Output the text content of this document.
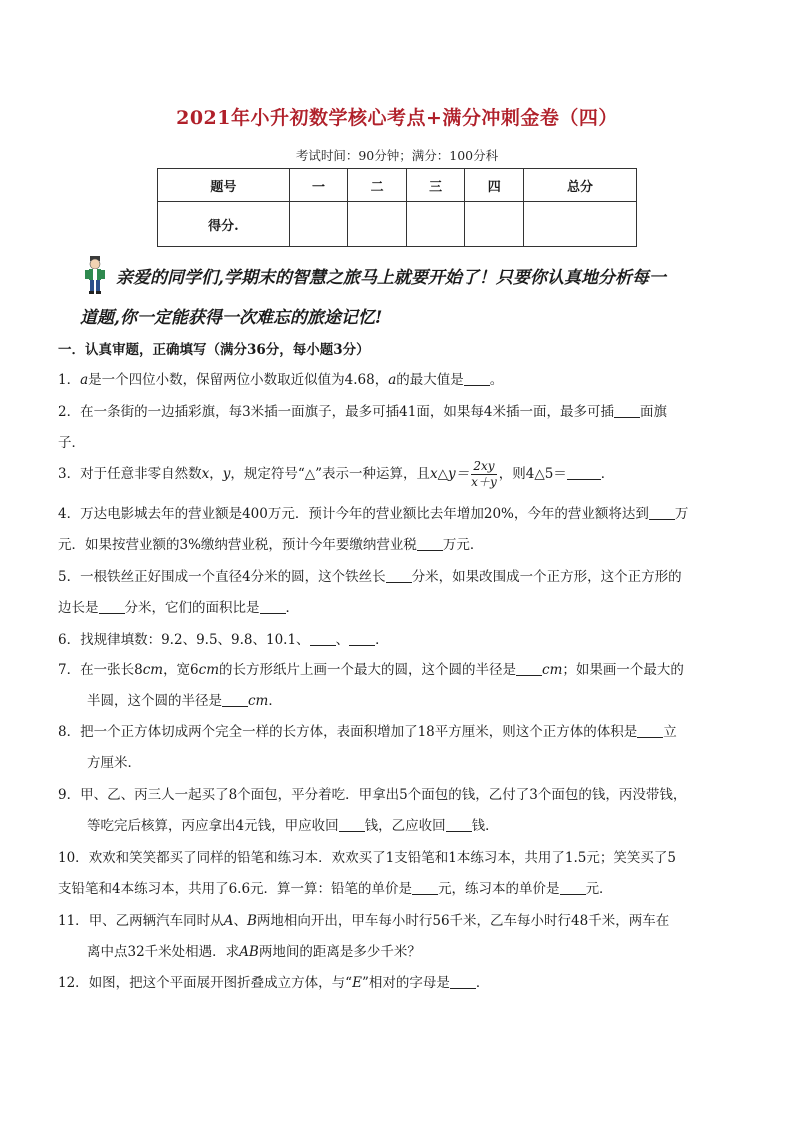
2021年小升初数学核心考点+满分冲刺金卷（四）
考试时间：90分钟；满分：100分科
题号	一	二	三	四	总分
得分.					
亲爱的同学们,学期末的智慧之旅马上就要开始了！只要你认真地分析每一
道题,你一定能获得一次难忘的旅途记忆!
一．认真审题，正确填写（满分36分，每小题3分）
1．a是一个四位小数，保留两位小数取近似值为4.68，a的最大值是 。
2．在一条街的一边插彩旗，每3米插一面旗子，最多可插41面，如果每4米插一面，最多可插 面旗
子．
3．对于任意非零自然数x，y，规定符号“△”表示一种运算，且x△y＝ $\frac{2xy}{x+y}$ ，则4△5＝	．
4．万达电影城去年的营业额是400万元．预计今年的营业额比去年增加20%，今年的营业额将达到 万
元．如果按营业额的3%缴纳营业税，预计今年要缴纳营业税 万元．
5．一根铁丝正好围成一个直径4分米的圆，这个铁丝长 分米，如果改围成一个正方形，这个正方形的
边长是 分米，它们的面积比是 ．
6．找规律填数：9.2、9.5、9.8、10.1、 、 ．
7．在一张长8cm，宽6cm的长方形纸片上画一个最大的圆，这个圆的半径是 cm；如果画一个最大的
半圆，这个圆的半径是 cm．
8．把一个正方体切成两个完全一样的长方体，表面积增加了18平方厘米，则这个正方体的体积是 立
方厘米．
9．甲、乙、丙三人一起买了8个面包，平分着吃．甲拿出5个面包的钱，乙付了3个面包的钱，丙没带钱，
等吃完后核算，丙应拿出4元钱，甲应收回 钱，乙应收回 钱．
10．欢欢和笑笑都买了同样的铅笔和练习本．欢欢买了1支铅笔和1本练习本，共用了1.5元；笑笑买了5
支铅笔和4本练习本，共用了6.6元．算一算：铅笔的单价是 元，练习本的单价是 元．
11．甲、乙两辆汽车同时从A、B两地相向开出，甲车每小时行56千米，乙车每小时行48千米，两车在
离中点32千米处相遇．求AB两地间的距离是多少千米？
12．如图，把这个平面展开图折叠成立方体，与“E”相对的字母是 ．
